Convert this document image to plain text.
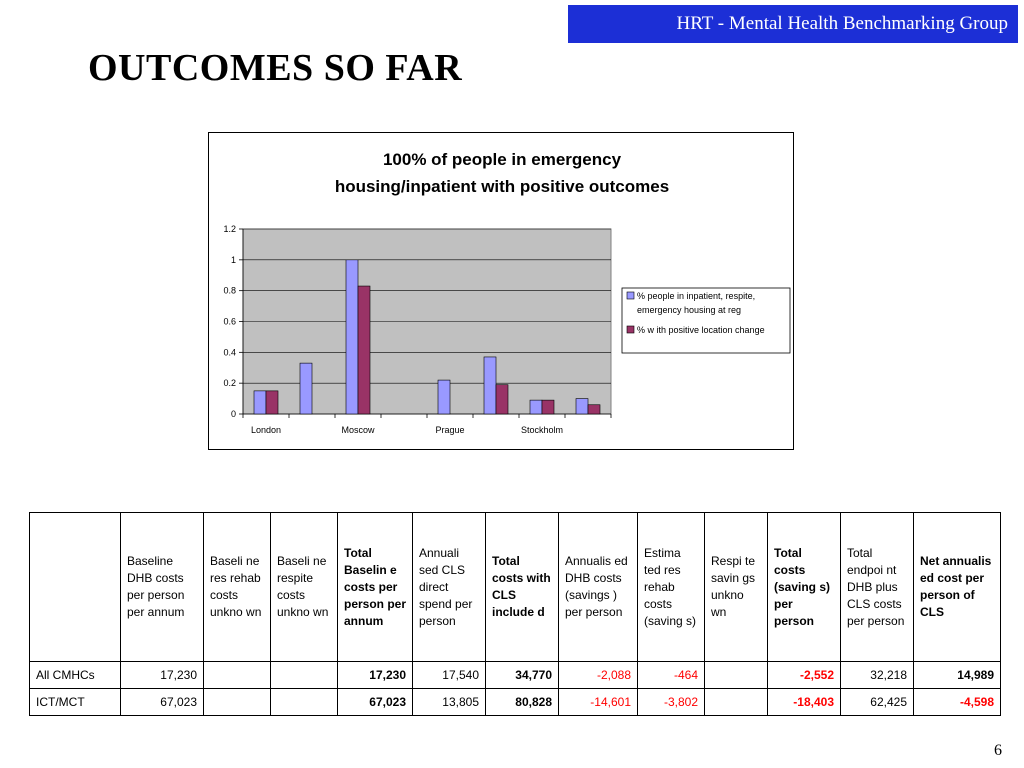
HRT - Mental Health Benchmarking Group
OUTCOMES SO FAR
100% of people in emergency
housing/inpatient with positive outcomes
0
0.2
0.4
0.6
0.8
1
1.2
London	Moscow	Prague	Stockholm
% people in inpatient, respite,
emergency housing at reg
% w ith positive location change
	Baseline DHB costs per person per annum	Baseli ne res rehab costs unkno wn	Baseli ne respite costs unkno wn	Total Baselin e costs per person per annum	Annuali sed CLS direct spend per person	Total costs with CLS include d	Annualis ed DHB costs (savings ) per person	Estima ted res rehab costs (saving s)	Respi te savin gs unkno wn	Total costs (saving s) per person	Total endpoi nt DHB plus CLS costs per person	Net annualis ed cost per person of CLS
All CMHCs	17,230			17,230	17,540	34,770	-2,088	-464		-2,552	32,218	14,989
ICT/MCT	67,023			67,023	13,805	80,828	-14,601	-3,802		-18,403	62,425	-4,598
6
